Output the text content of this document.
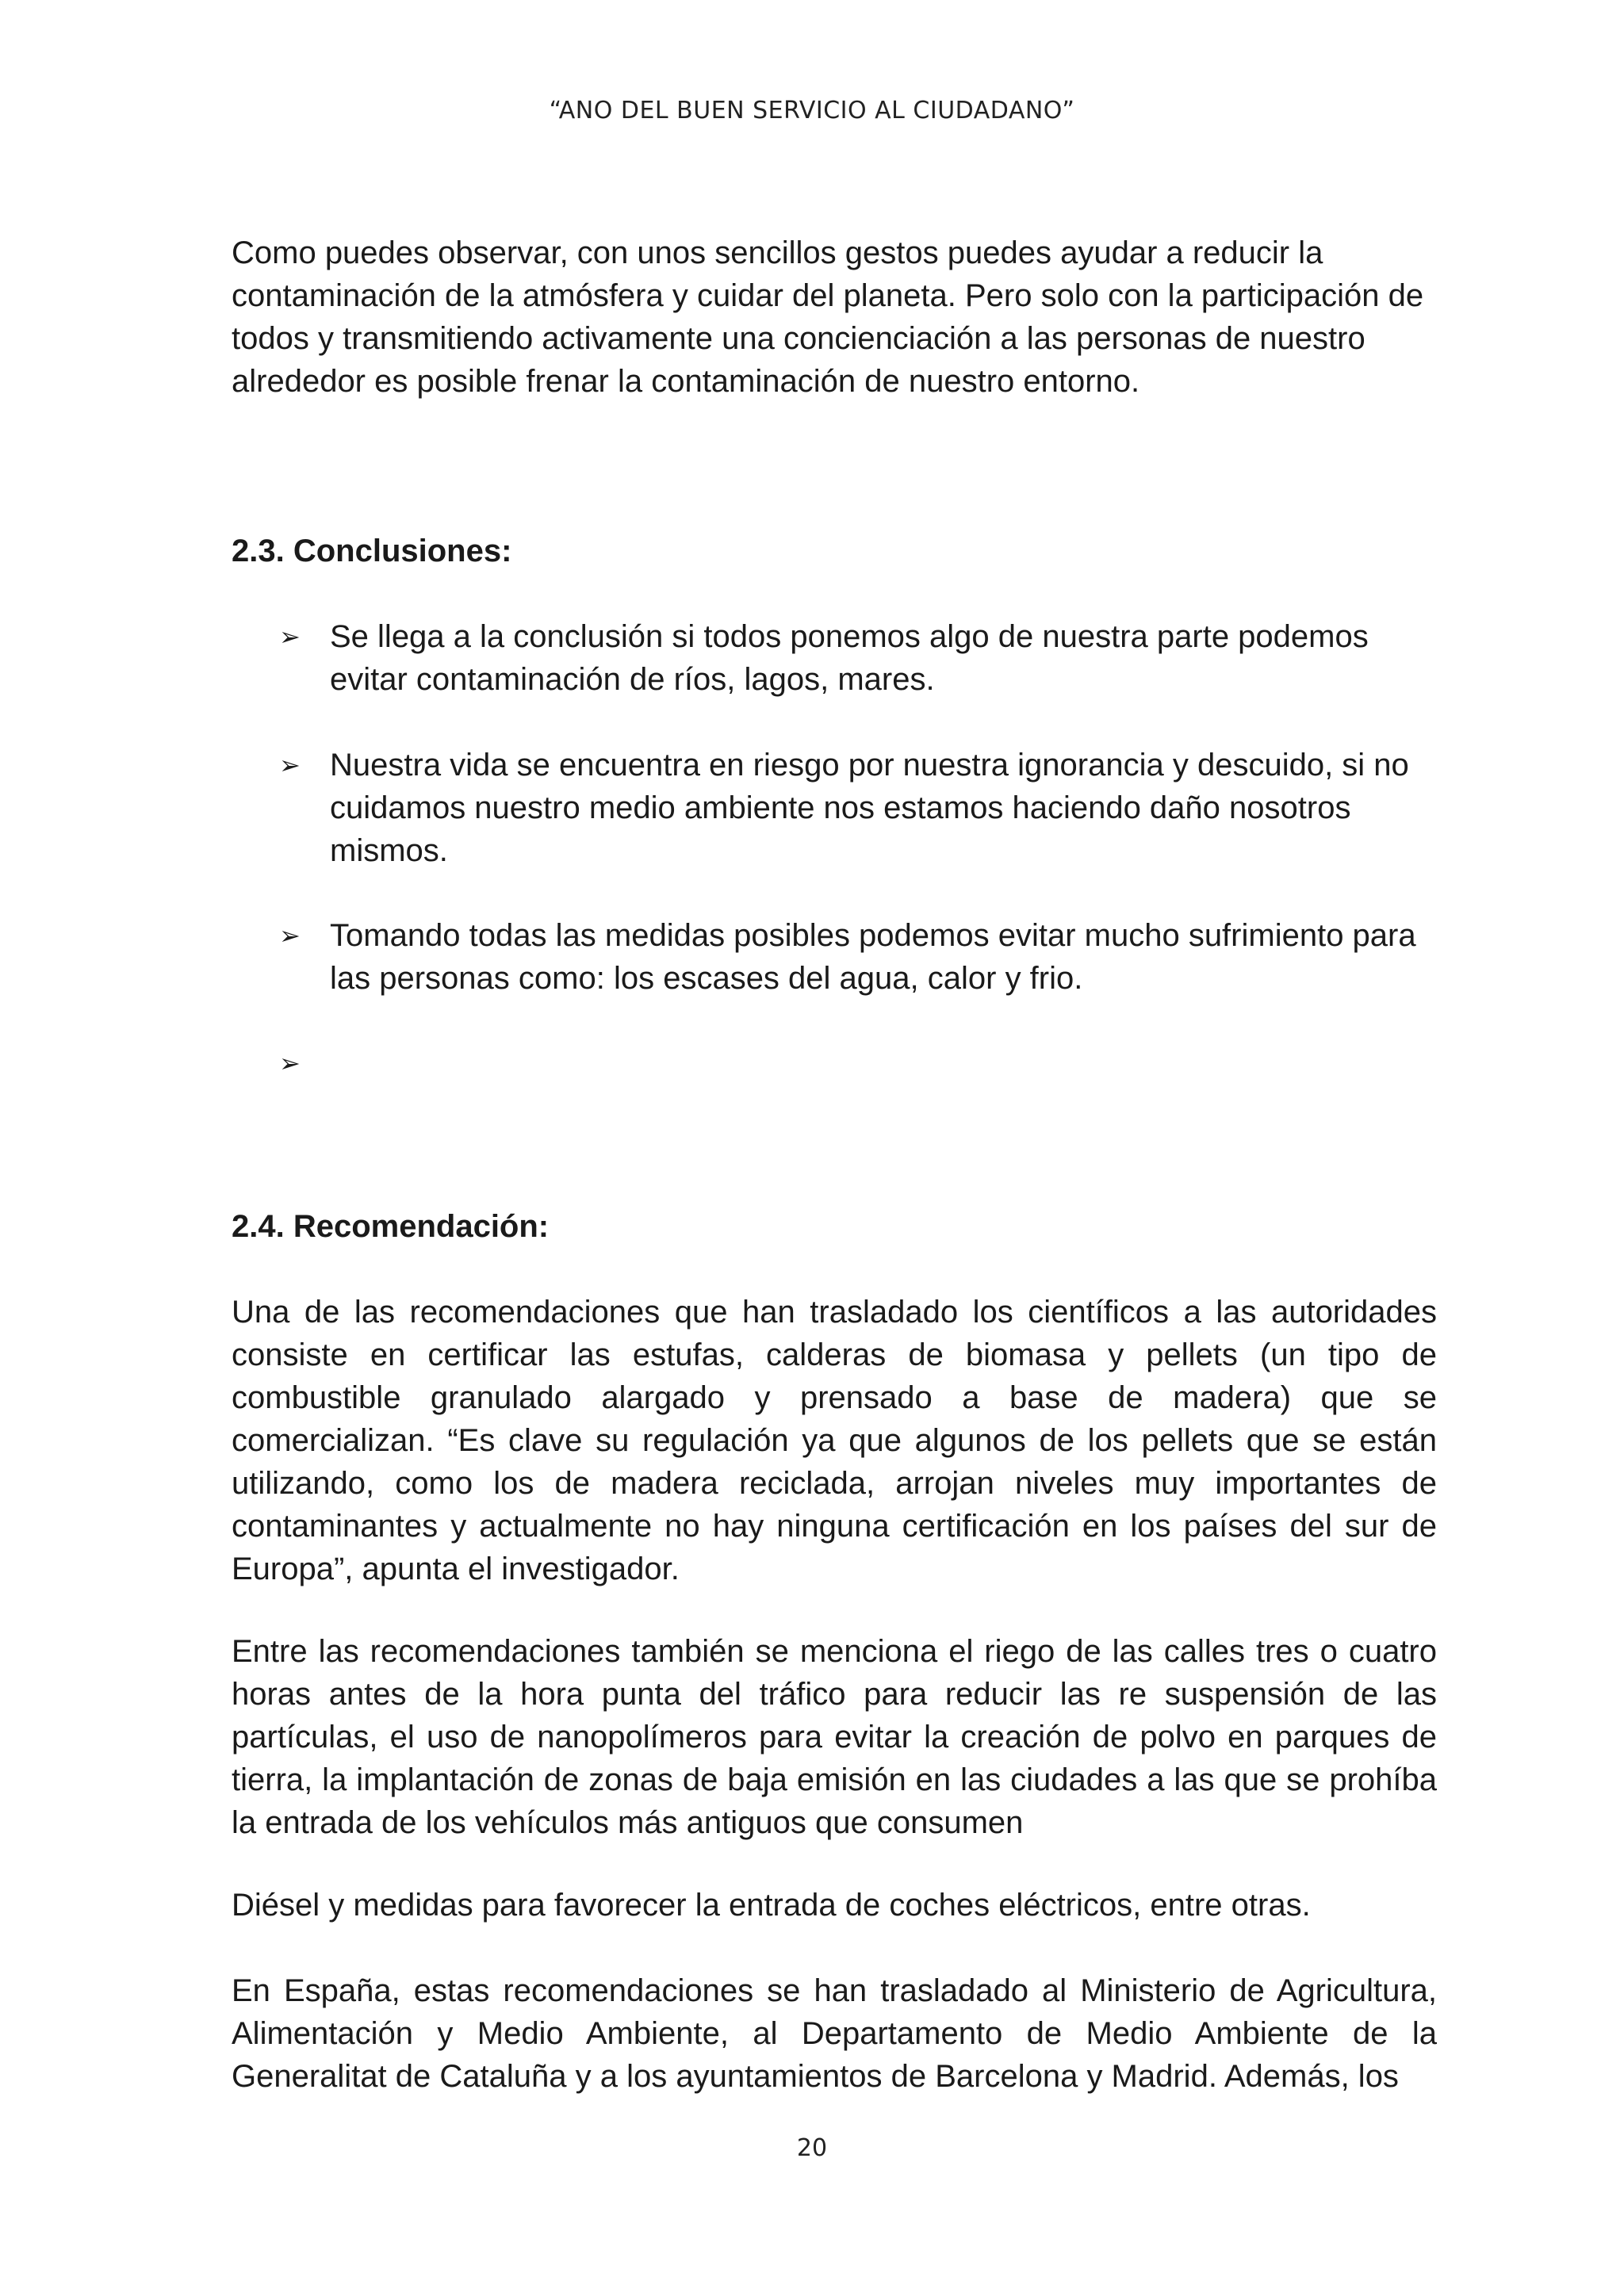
“ANO DEL BUEN SERVICIO AL CIUDADANO”

Como puedes observar, con unos sencillos gestos puedes ayudar a reducir la contaminación de la atmósfera y cuidar del planeta. Pero solo con la participación de todos y transmitiendo activamente una concienciación a las personas de nuestro alrededor es posible frenar la contaminación de nuestro entorno.

2.3. Conclusiones:
➢ Se llega a la conclusión si todos ponemos algo de nuestra parte podemos evitar contaminación de ríos, lagos, mares.
➢ Nuestra vida se encuentra en riesgo por nuestra ignorancia y descuido, si no cuidamos nuestro medio ambiente nos estamos haciendo daño nosotros mismos.
➢ Tomando todas las medidas posibles podemos evitar mucho sufrimiento para las personas como: los escases del agua, calor y frio.
➢
2.4. Recomendación:

Una de las recomendaciones que han trasladado los científicos a las autoridades consiste en certificar las estufas, calderas de biomasa y pellets (un tipo de combustible granulado alargado y prensado a base de madera) que se comercializan. “Es clave su regulación ya que algunos de los pellets que se están utilizando, como los de madera reciclada, arrojan niveles muy importantes de contaminantes y actualmente no hay ninguna certificación en los países del sur de Europa”, apunta el investigador.

Entre las recomendaciones también se menciona el riego de las calles tres o cuatro horas antes de la hora punta del tráfico para reducir las re suspensión de las partículas, el uso de nanopolímeros para evitar la creación de polvo en parques de tierra, la implantación de zonas de baja emisión en las ciudades a las que se prohíba la entrada de los vehículos más antiguos que consumen

Diésel y medidas para favorecer la entrada de coches eléctricos, entre otras.

En España, estas recomendaciones se han trasladado al Ministerio de Agricultura, Alimentación y Medio Ambiente, al Departamento de Medio Ambiente de la Generalitat de Cataluña y a los ayuntamientos de Barcelona y Madrid. Además, los

20
